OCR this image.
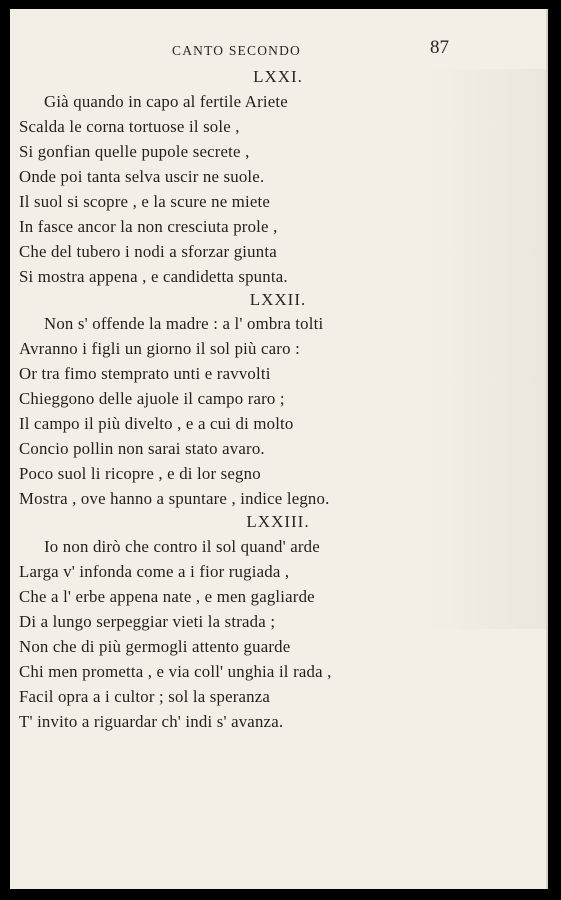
CANTO SECONDO	87
LXXI.
Già quando in capo al fertile Ariete
Scalda le corna tortuose il sole ,
Si gonfian quelle pupole secrete ,
Onde poi tanta selva uscir ne suole.
Il suol si scopre , e la scure ne miete
In fasce ancor la non cresciuta prole ,
Che del tubero i nodi a sforzar giunta
Si mostra appena , e candidetta spunta.
LXXII.
Non s' offende la madre : a l' ombra tolti
Avranno i figli un giorno il sol più caro :
Or tra fimo stemprato unti e ravvolti
Chieggono delle ajuole il campo raro ;
Il campo il più divelto , e a cui di molto
Concio pollin non sarai stato avaro.
Poco suol li ricopre , e di lor segno
Mostra , ove hanno a spuntare , indice legno.
LXXIII.
Io non dirò che contro il sol quand' arde
Larga v' infonda come a i fior rugiada ,
Che a l' erbe appena nate , e men gagliarde
Di a lungo serpeggiar vieti la strada ;
Non che di più germogli attento guarde
Chi men prometta , e via coll' unghia il rada ,
Facil opra a i cultor ; sol la speranza
T' invito a riguardar ch' indi s' avanza.
